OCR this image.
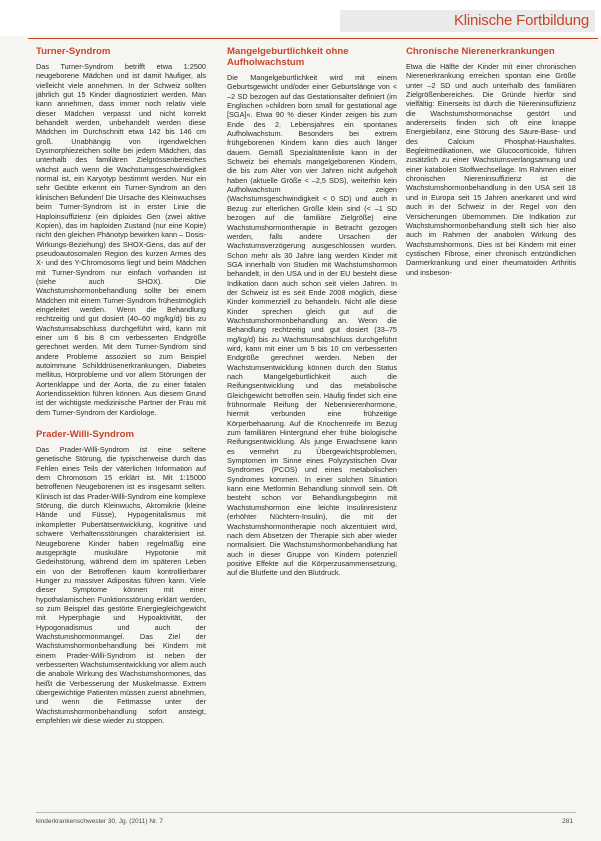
Klinische Fortbildung
Turner-Syndrom

Das Turner-Syndrom betrifft etwa 1:2500 neugeborene Mädchen und ist damit häufiger, als vielleicht viele annehmen. In der Schweiz sollten jährlich gut 15 Kinder diagnostiziert werden. Man kann annehmen, dass immer noch relativ viele dieser Mädchen verpasst und nicht korrekt behandelt werden, unbehandelt werden diese Mädchen im Durchschnitt etwa 142 bis 146 cm groß. Unabhängig von irgendwelchen Dysmorphiezeichen sollte bei jedem Mädchen, das unterhalb des familiären Zielgrössenbereiches wächst auch wenn die Wachstumsgeschwindigkeit normal ist, ein Karyotyp bestimmt werden. Nur ein sehr Geübte erkennt ein Turner-Syndrom an den klinischen Befunden! Die Ursache des Kleinwuchses beim Turner-Syndrom ist in erster Linie die Haploinsuffizienz (ein diploides Gen (zwei aktive Kopien), das im haploiden Zustand (nur eine Kopie) nicht den gleichen Phänotyp bewirken kann – Dosis-Wirkungs-Beziehung) des SHOX-Gens, das auf der pseudoautosomalen Region des kurzen Armes des X- und des Y-Chromosoms liegt und beim Mädchen mit Turner-Syndrom nur einfach vorhanden ist (siehe auch SHOX). Die Wachstumshormonbehandlung sollte bei einem Mädchen mit einem Turner-Syndrom frühestmöglich eingeleitet werden. Wenn die Behandlung rechtzeitig und gut dosiert (40–60 mg/kg/d) bis zu Wachstumsabschluss durchgeführt wird, kann mit einer um 6 bis 8 cm verbesserten Endgröße gerechnet werden. Mit dem Turner-Syndrom sind andere Probleme assoziiert so zum Beispiel autoimmune Schilddrüsenerkrankungen, Diabetes mellitus, Hörprobleme und vor allem Störungen der Aortenklappe und der Aorta, die zu einer fatalen Aortendissektion führen können. Aus diesem Grund ist der wichtigste medizinische Partner der Frau mit dem Turner-Syndrom der Kardiologe.

Prader-Willi-Syndrom

Das Prader-Willi-Syndrom ist eine seltene genetische Störung, die typischerweise durch das Fehlen eines Teils der väterlichen Information auf dem Chromosom 15 erklärt ist. Mit 1:15000 betroffenen Neugeborenen ist es insgesamt selten. Klinisch ist das Prader-Willi-Syndrom eine komplexe Störung, die durch Kleinwuchs, Akromikrie (kleine Hände und Füsse), Hypogenitalismus mit inkompletter Pubertätsentwicklung, kognitive und schwere Verhaltensstörungen charakterisiert ist. Neugeborene Kinder haben regelmäßig eine ausgeprägte muskuläre Hypotonie mit Gedeihstörung, während dem im späteren Leben ein von der Betroffenen kaum kontrollierbarer Hunger zu massiver Adipositas führen kann. Viele dieser Symptome können mit einer hypothalamischen Funktionsstörung erklärt werden, so zum Beispiel das gestörte Energiegleichgewicht mit Hyperphagie und Hypoaktivität, der Hypogonadismus und auch der Wachstumshormonmangel. Das Ziel der Wachstumshormonbehandlung bei Kindern mit einem Prader-Willi-Syndrom ist neben der verbesserten Wachstumsentwicklung vor allem auch die anabole Wirkung des Wachstumshormones, das heißt die Verbesserung der Muskelmasse. Extrem übergewichtige Patienten müssen zuerst abnehmen, und wenn die Fettmasse unter der Wachstumshormonbehandlung sofort ansteigt, empfehlen wir diese wieder zu stoppen.

Mangelgeburtlichkeit ohne Aufholwachstum

Die Mangelgeburtlichkeit wird mit einem Geburtsgewicht und/oder einer Geburtslänge von < –2 SD bezogen auf das Gestationsalter definiert (im Englischen »children born small for gestational age [SGA]«. Etwa 90 % dieser Kinder zeigen bis zum Ende des 2. Lebensjahres ein spontanes Aufholwachstum. Besonders bei extrem frühgeborenen Kindern kann dies auch länger dauern. Gemäß Spezialitätenliste kann in der Schweiz bei ehemals mangelgeborenen Kindern, die bis zum Alter von vier Jahren nicht aufgeholt haben (aktuelle Größe < –2,5 SDS), weiterhin kein Aufholwachstum zeigen (Wachstumsgeschwindigkeit < 0 SD) und auch in Bezug zur elterlichen Größe klein sind (< –1 SD bezogen auf die familiäre Zielgröße) eine Wachstumshormontherapie in Betracht gezogen werden, falls andere Ursachen der Wachstumsverzögerung ausgeschlossen wurden. Schon mehr als 30 Jahre lang werden Kinder mit SGA innerhalb von Studien mit Wachstumshormon behandelt, in den USA und in der EU besteht diese Indikation dann auch schon seit vielen Jahren. In der Schweiz ist es seit Ende 2008 möglich, diese Kinder kommerziell zu behandeln. Nicht alle diese Kinder sprechen gleich gut auf die Wachstumshormonbehandlung an. Wenn die Behandlung rechtzeitig und gut dosiert (33–75 mg/kg/d) bis zu Wachstumsabschluss durchgeführt wird, kann mit einer um 5 bis 10 cm verbesserten Endgröße gerechnet werden. Neben der Wachstumsentwicklung können durch den Status nach Mangelgeburtlichkeit auch die Reifungsentwicklung und das metabolische Gleichgewicht betroffen sein. Häufig findet sich eine frühnormale Reifung der Nebennierenhormone, hiermit verbunden eine frühzeitige Körperbehaarung. Auf die Knochenreife im Bezug zum familiären Hintergrund eher frühe biologische Reifungsentwicklung. Als junge Erwachsene kann es vermehrt zu Übergewichtsproblemen, Symptomen im Sinne eines Polyzystischen Ovar Syndromes (PCOS) und eines metabolischen Syndromes kommen. In einer solchen Situation kann eine Metformin Behandlung sinnvoll sein. Oft besteht schon vor Behandlungsbeginn mit Wachstumshormon eine leichte Insulinresistenz (erhöhter Nüchtern-Insulin), die mit der Wachstumshormontherapie noch akzentuiert wird, nach dem Absetzen der Therapie sich aber wieder normalisiert. Die Wachstumshormonbehandlung hat auch in dieser Gruppe von Kindern potenziell positive Effekte auf die Körperzusammensetzung, auf die Blutfette und den Blutdruck.

Chronische Nierenerkrankungen

Etwa die Hälfte der Kinder mit einer chronischen Nierenerkrankung erreichen spontan eine Größe unter –2 SD und auch unterhalb des familiären Zielgrößenbereiches. Die Gründe hierfür sind vielfältig: Einerseits ist durch die Niereninsuffizienz die Wachstumshormonachse gestört und andererseits finden sich oft eine knappe Energiebilanz, eine Störung des Säure-Base- und des Calcium Phosphat-Haushaltes. Begleitmedikationen, wie Glucocorticoide, führen zusätzlich zu einer Wachstumsverlangsamung und einer katabolen Stoffwechsellage. Im Rahmen einer chronischen Niereninsuffizienz ist die Wachstumshormonbehandlung in den USA seit 18 und in Europa seit 15 Jahren anerkannt und wird auch in der Schweiz in der Regel von den Versicherungen übernommen. Die Indikation zur Wachstumshormonbehandlung stellt sich hier also auch im Rahmen der anabolen Wirkung des Wachstumshormons. Dies ist bei Kindern mit einer cystischen Fibrose, einer chronisch entzündlichen Darmerkrankung und einer rheumatoiden Arthritis und insbeson-

kinderkrankenschwester 30. Jg. (2011) Nr. 7	281
